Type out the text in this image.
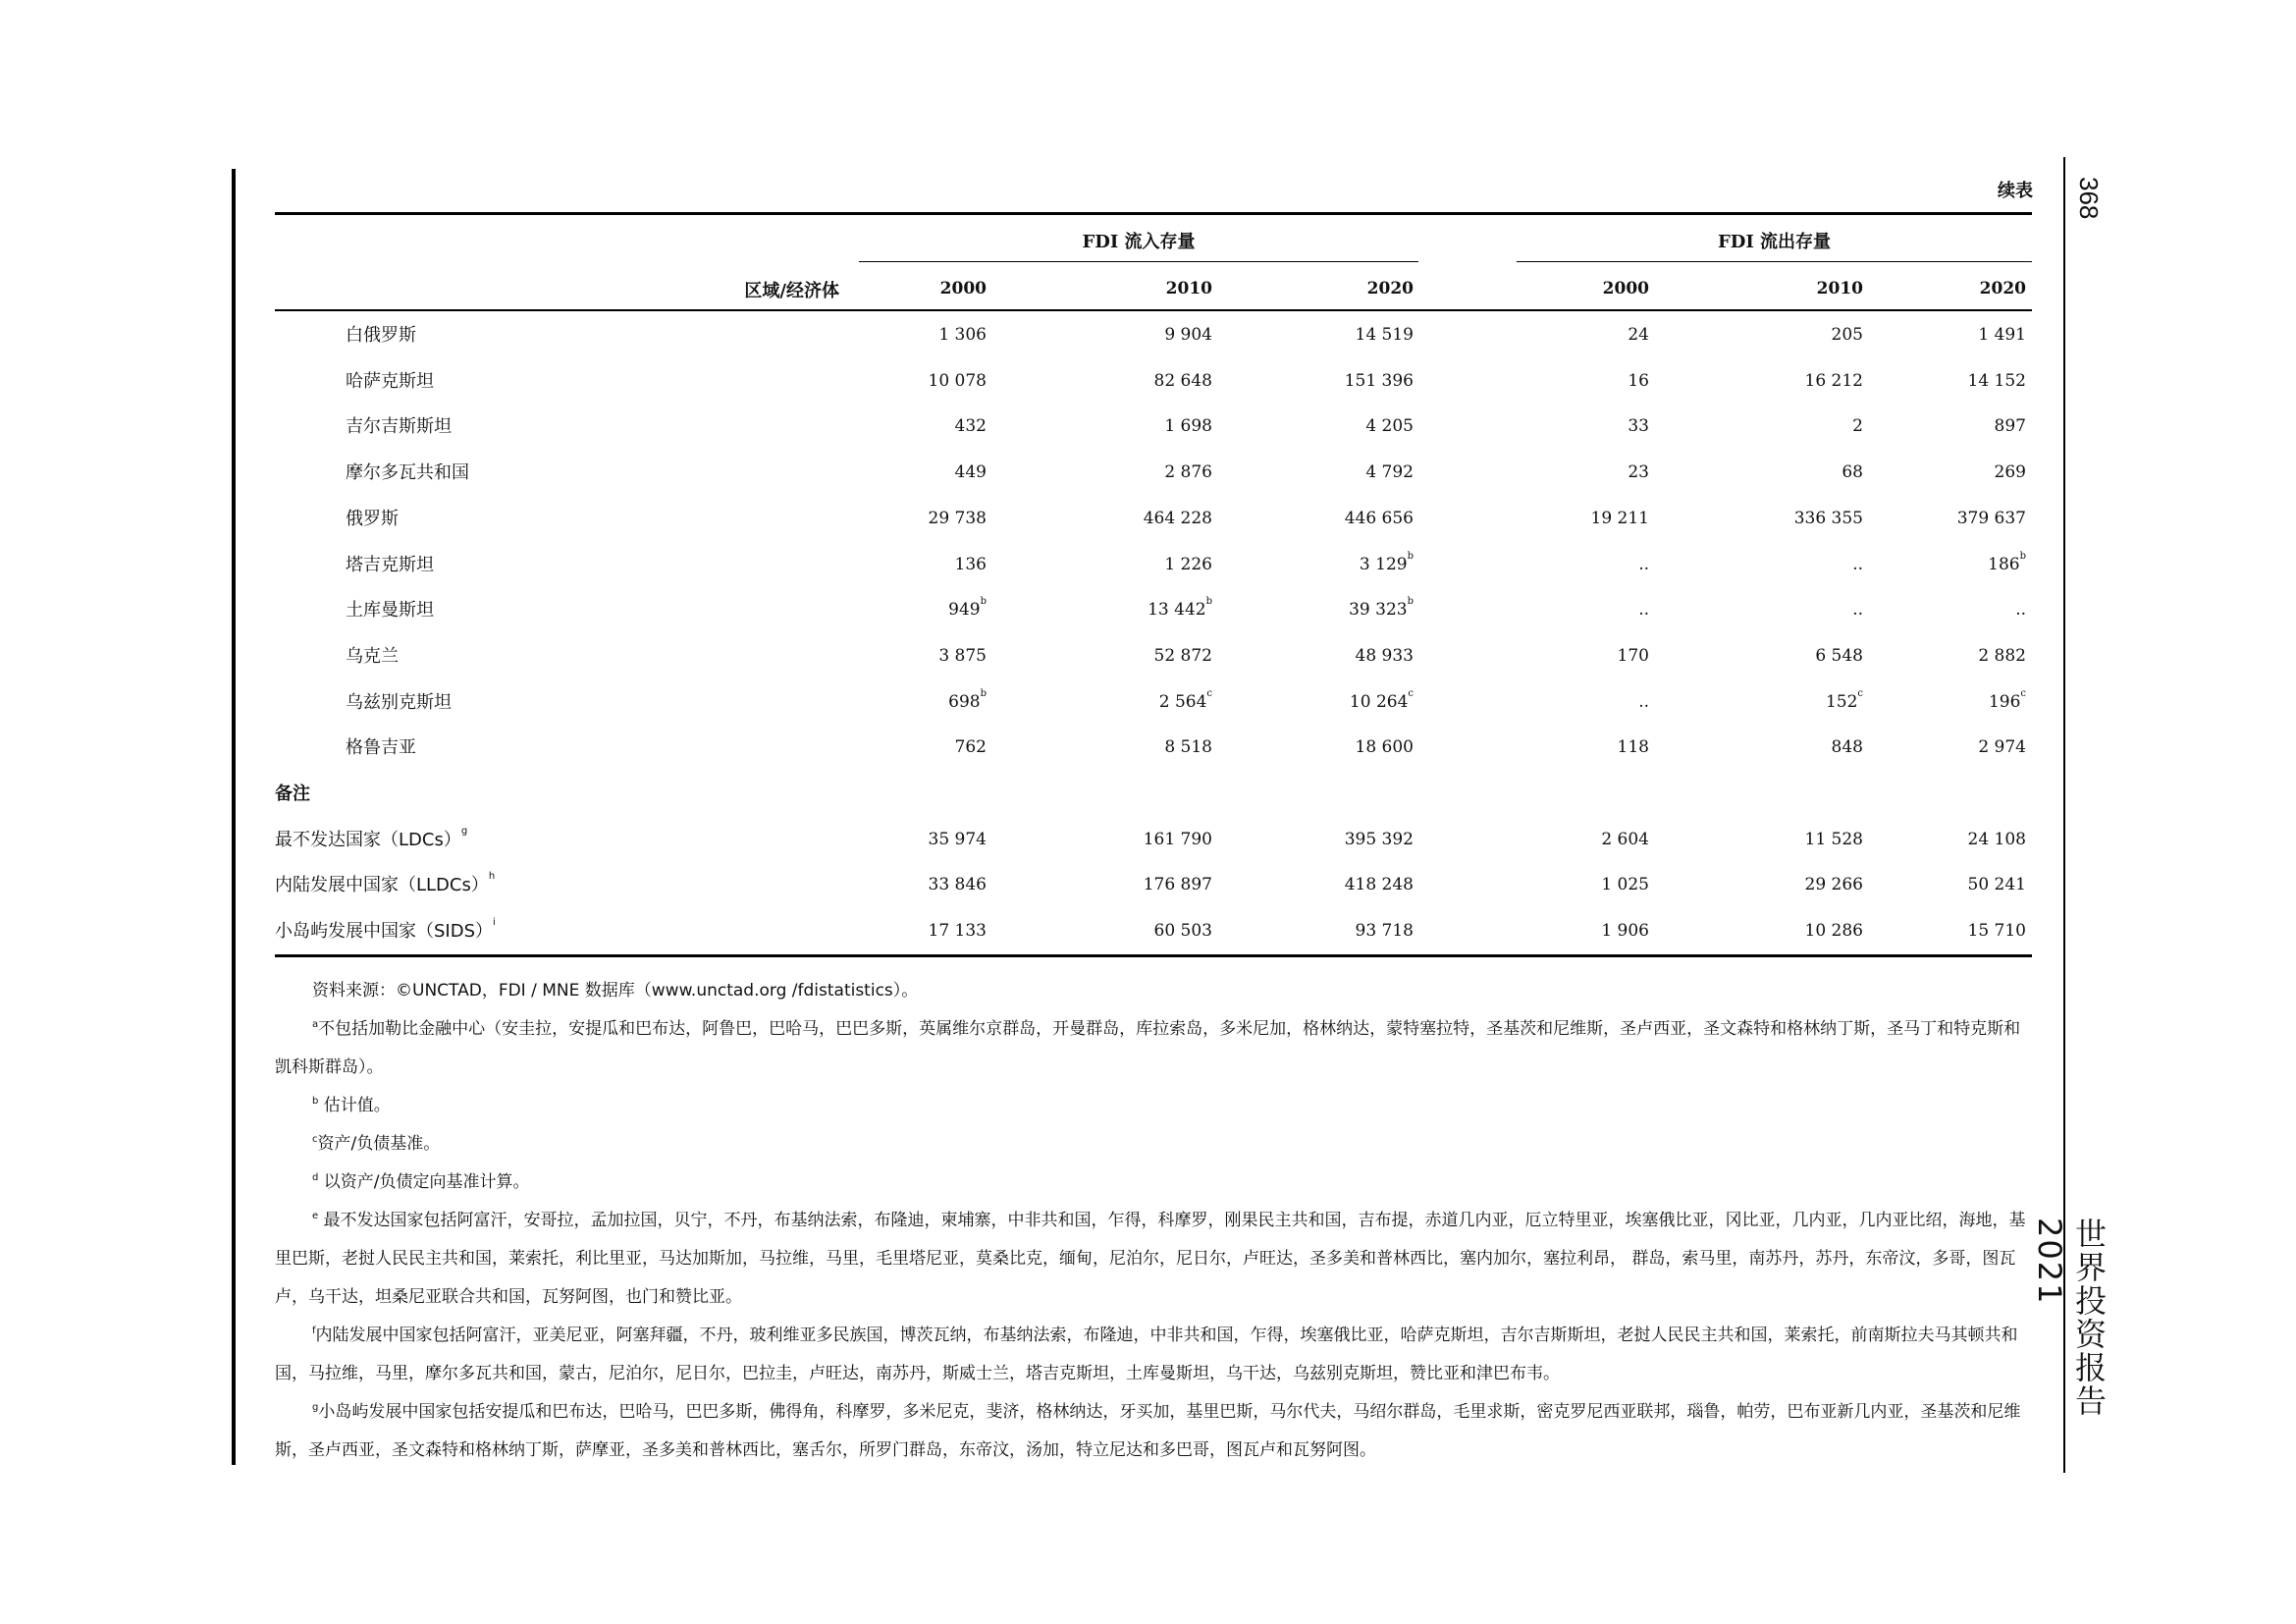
368
世界投资报告 2021
续表
FDI 流入存量	FDI 流出存量
区域/经济体	2000	2010	2020	2000	2010	2020
白俄罗斯	1 306	9 904	14 519	24	205	1 491
哈萨克斯坦	10 078	82 648	151 396	16	16 212	14 152
吉尔吉斯斯坦	432	1 698	4 205	33	2	897
摩尔多瓦共和国	449	2 876	4 792	23	68	269
俄罗斯	29 738	464 228	446 656	19 211	336 355	379 637
塔吉克斯坦	136	1 226	3 129$^b$	..	..	186$^b$
土库曼斯坦	949$^b$	13 442$^b$	39 323$^b$	..	..	..
乌克兰	3 875	52 872	48 933	170	6 548	2 882
乌兹别克斯坦	698$^b$	2 564$^c$	10 264$^c$	..	152$^c$	196$^c$
格鲁吉亚	762	8 518	18 600	118	848	2 974
备注
最不发达国家（LDCs）$^g$	35 974	161 790	395 392	2 604	11 528	24 108
内陆发展中国家（LLDCs）$^h$	33 846	176 897	418 248	1 025	29 266	50 241
小岛屿发展中国家（SIDS）$^i$	17 133	60 503	93 718	1 906	10 286	15 710

资料来源：©UNCTAD，FDI / MNE 数据库（www.unctad.org /fdistatistics）。

$^a$不包括加勒比金融中心（安圭拉，安提瓜和巴布达，阿鲁巴，巴哈马，巴巴多斯，英属维尔京群岛，开曼群岛，库拉索岛，多米尼加，格林纳达，蒙特塞拉特，圣基茨和尼维斯，圣卢西亚，圣文森特和格林纳丁斯，圣马丁和特克斯和凯科斯群岛）。

$^b$ 估计值。

$^c$资产/负债基准。

$^d$ 以资产/负债定向基准计算。

$^e$ 最不发达国家包括阿富汗，安哥拉，孟加拉国，贝宁，不丹，布基纳法索，布隆迪，柬埔寨，中非共和国，乍得，科摩罗，刚果民主共和国，吉布提，赤道几内亚，厄立特里亚，埃塞俄比亚，冈比亚，几内亚，几内亚比绍，海地，基里巴斯，老挝人民民主共和国，莱索托，利比里亚，马达加斯加，马拉维，马里，毛里塔尼亚，莫桑比克，缅甸，尼泊尔，尼日尔，卢旺达，圣多美和普林西比，塞内加尔，塞拉利昂， 群岛，索马里，南苏丹，苏丹，东帝汶，多哥，图瓦卢，乌干达，坦桑尼亚联合共和国，瓦努阿图，也门和赞比亚。

$^f$内陆发展中国家包括阿富汗，亚美尼亚，阿塞拜疆，不丹，玻利维亚多民族国，博茨瓦纳，布基纳法索，布隆迪，中非共和国，乍得，埃塞俄比亚，哈萨克斯坦，吉尔吉斯斯坦，老挝人民民主共和国，莱索托，前南斯拉夫马其顿共和国，马拉维，马里，摩尔多瓦共和国，蒙古，尼泊尔，尼日尔，巴拉圭，卢旺达，南苏丹，斯威士兰，塔吉克斯坦，土库曼斯坦，乌干达，乌兹别克斯坦，赞比亚和津巴布韦。

$^g$小岛屿发展中国家包括安提瓜和巴布达，巴哈马，巴巴多斯，佛得角，科摩罗，多米尼克，斐济，格林纳达，牙买加，基里巴斯，马尔代夫，马绍尔群岛，毛里求斯，密克罗尼西亚联邦，瑙鲁，帕劳，巴布亚新几内亚，圣基茨和尼维斯，圣卢西亚，圣文森特和格林纳丁斯，萨摩亚，圣多美和普林西比，塞舌尔，所罗门群岛，东帝汶，汤加，特立尼达和多巴哥，图瓦卢和瓦努阿图。
